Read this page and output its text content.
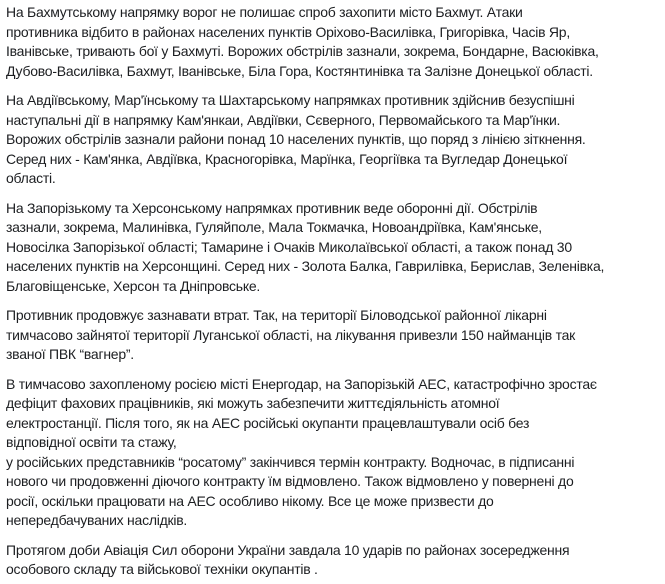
На Бахмутському напрямку ворог не полишає спроб захопити місто Бахмут. Атаки
противника відбито в районах населених пунктів Оріхово-Василівка, Григорівка, Часів Яр,
Іванівське, тривають бої у Бахмуті. Ворожих обстрілів зазнали, зокрема, Бондарне, Васюківка,
Дубово-Василівка, Бахмут, Іванівське, Біла Гора, Костянтинівка та Залізне Донецької області.
На Авдіївському, Мар'їнському та Шахтарському напрямках противник здійснив безуспішні
наступальні дії в напрямку Кам'янкаи, Авдіївки, Сєверного, Первомайського та Мар'їнки.
Ворожих обстрілів зазнали райони понад 10 населених пунктів, що поряд з лінією зіткнення.
Серед них - Кам'янка, Авдіївка, Красногорівка, Марїнка, Георгіївка та Вугледар Донецької
області.
На Запорізькому та Херсонському напрямках противник веде оборонні дії. Обстрілів
зазнали, зокрема, Малинівка, Гуляйполе, Мала Токмачка, Новоандріївка, Кам'янське,
Новосілка Запорізької області; Тамарине і Очаків Миколаївської області, а також понад 30
населених пунктів на Херсонщині. Серед них - Золота Балка, Гаврилівка, Берислав, Зеленівка,
Благовіщенське, Херсон та Дніпровське.
Противник продовжує зазнавати втрат. Так, на території Біловодської районної лікарні
тимчасово зайнятої території Луганської області, на лікування привезли 150 найманців так
званої ПВК “вагнер”.
В тимчасово захопленому росією місті Енергодар, на Запорізькій АЕС, катастрофічно зростає
дефіцит фахових працівників, які можуть забезпечити життєдіяльність атомної
електростанції. Після того, як на АЕС російські окупанти працевлаштували осіб без
відповідної освіти та стажу,
у російських представників “росатому” закінчився термін контракту. Водночас, в підписанні
нового чи продовженні діючого контракту їм відмовлено. Також відмовлено у повернені до
росії, оскільки працювати на АЕС особливо нікому. Все це може призвести до
непередбачуваних наслідків.
Протягом доби Авіація Сил оборони України завдала 10 ударів по районах зосередження
особового складу та військової техніки окупантів .
